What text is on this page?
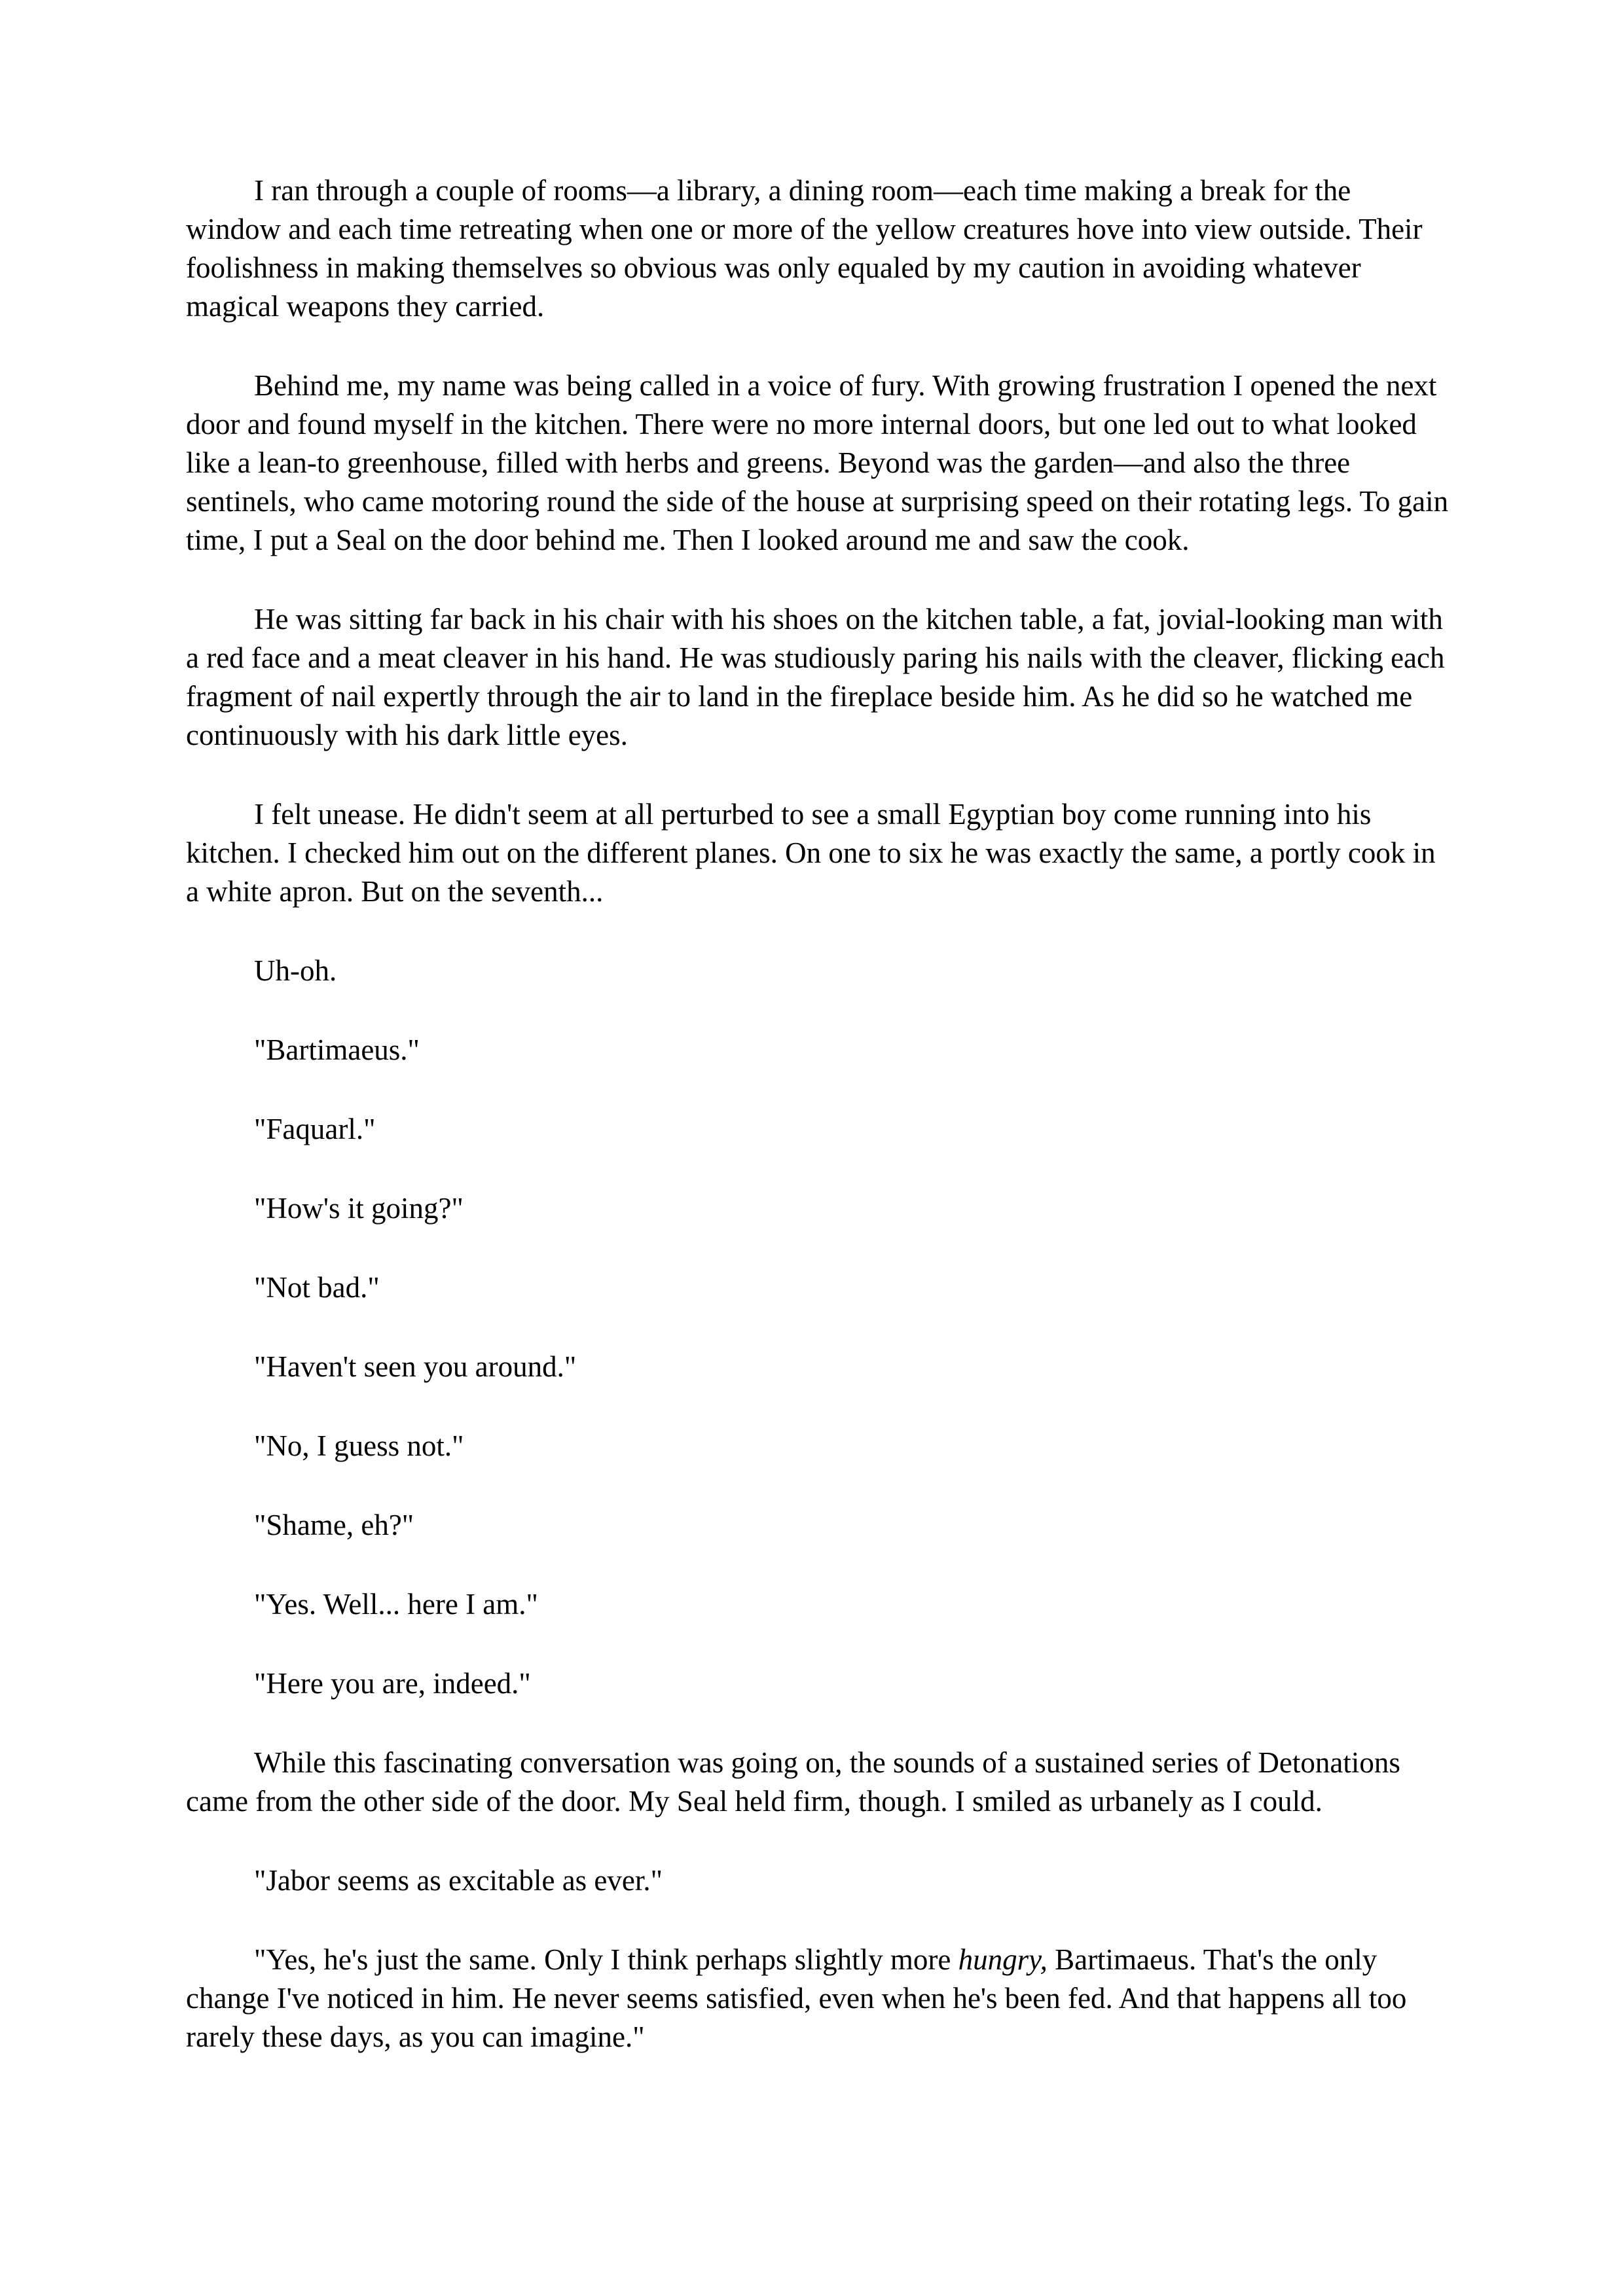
I ran through a couple of rooms—a library, a dining room—each time making a break for the window and each time retreating when one or more of the yellow creatures hove into view outside. Their foolishness in making themselves so obvious was only equaled by my caution in avoiding whatever magical weapons they carried.

Behind me, my name was being called in a voice of fury. With growing frustration I opened the next door and found myself in the kitchen. There were no more internal doors, but one led out to what looked like a lean-to greenhouse, filled with herbs and greens. Beyond was the garden—and also the three sentinels, who came motoring round the side of the house at surprising speed on their rotating legs. To gain time, I put a Seal on the door behind me. Then I looked around me and saw the cook.

He was sitting far back in his chair with his shoes on the kitchen table, a fat, jovial-looking man with a red face and a meat cleaver in his hand. He was studiously paring his nails with the cleaver, flicking each fragment of nail expertly through the air to land in the fireplace beside him. As he did so he watched me continuously with his dark little eyes.

I felt unease. He didn't seem at all perturbed to see a small Egyptian boy come running into his kitchen. I checked him out on the different planes. On one to six he was exactly the same, a portly cook in a white apron. But on the seventh...

Uh-oh.

"Bartimaeus."

"Faquarl."

"How's it going?"

"Not bad."

"Haven't seen you around."

"No, I guess not."

"Shame, eh?"

"Yes. Well... here I am."

"Here you are, indeed."

While this fascinating conversation was going on, the sounds of a sustained series of Detonations came from the other side of the door. My Seal held firm, though. I smiled as urbanely as I could.

"Jabor seems as excitable as ever."

"Yes, he's just the same. Only I think perhaps slightly more hungry, Bartimaeus. That's the only change I've noticed in him. He never seems satisfied, even when he's been fed. And that happens all too rarely these days, as you can imagine."
